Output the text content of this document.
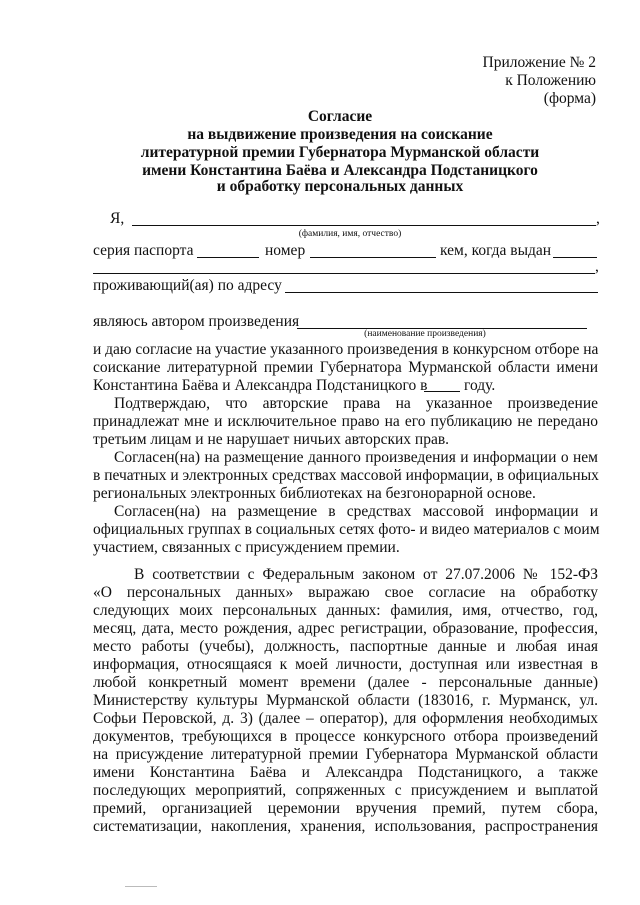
Приложение № 2
к Положению
(форма)
Согласие
на выдвижение произведения на соискание
литературной премии Губернатора Мурманской области
имени Константина Баёва и Александра Подстаницкого
и обработку персональных данных
Я,	,
(фамилия, имя, отчество)
серия паспорта	номер	кем, когда выдан
,
проживающий(ая) по адресу
являюсь автором произведения
(наименование произведения)
и даю согласие на участие указанного произведения в конкурсном отборе на
соискание литературной премии Губернатора Мурманской области имени
Константина Баёва и Александра Подстаницкого в году.
Подтверждаю, что авторские права на указанное произведение
принадлежат мне и исключительное право на его публикацию не передано
третьим лицам и не нарушает ничьих авторских прав.
Согласен(на) на размещение данного произведения и информации о нем
в печатных и электронных средствах массовой информации, в официальных
региональных электронных библиотеках на безгонорарной основе.
Согласен(на) на размещение в средствах массовой информации и
официальных группах в социальных сетях фото- и видео материалов с моим
участием, связанных с присуждением премии.
В соответствии с Федеральным законом от 27.07.2006 № 152-ФЗ
«О персональных данных» выражаю свое согласие на обработку
следующих моих персональных данных: фамилия, имя, отчество, год,
месяц, дата, место рождения, адрес регистрации, образование, профессия,
место работы (учебы), должность, паспортные данные и любая иная
информация, относящаяся к моей личности, доступная или известная в
любой конкретный момент времени (далее - персональные данные)
Министерству культуры Мурманской области (183016, г. Мурманск, ул.
Софьи Перовской, д. 3) (далее – оператор), для оформления необходимых
документов, требующихся в процессе конкурсного отбора произведений
на присуждение литературной премии Губернатора Мурманской области
имени Константина Баёва и Александра Подстаницкого, а также
последующих мероприятий, сопряженных с присуждением и выплатой
премий, организацией церемонии вручения премий, путем сбора,
систематизации, накопления, хранения, использования, распространения
